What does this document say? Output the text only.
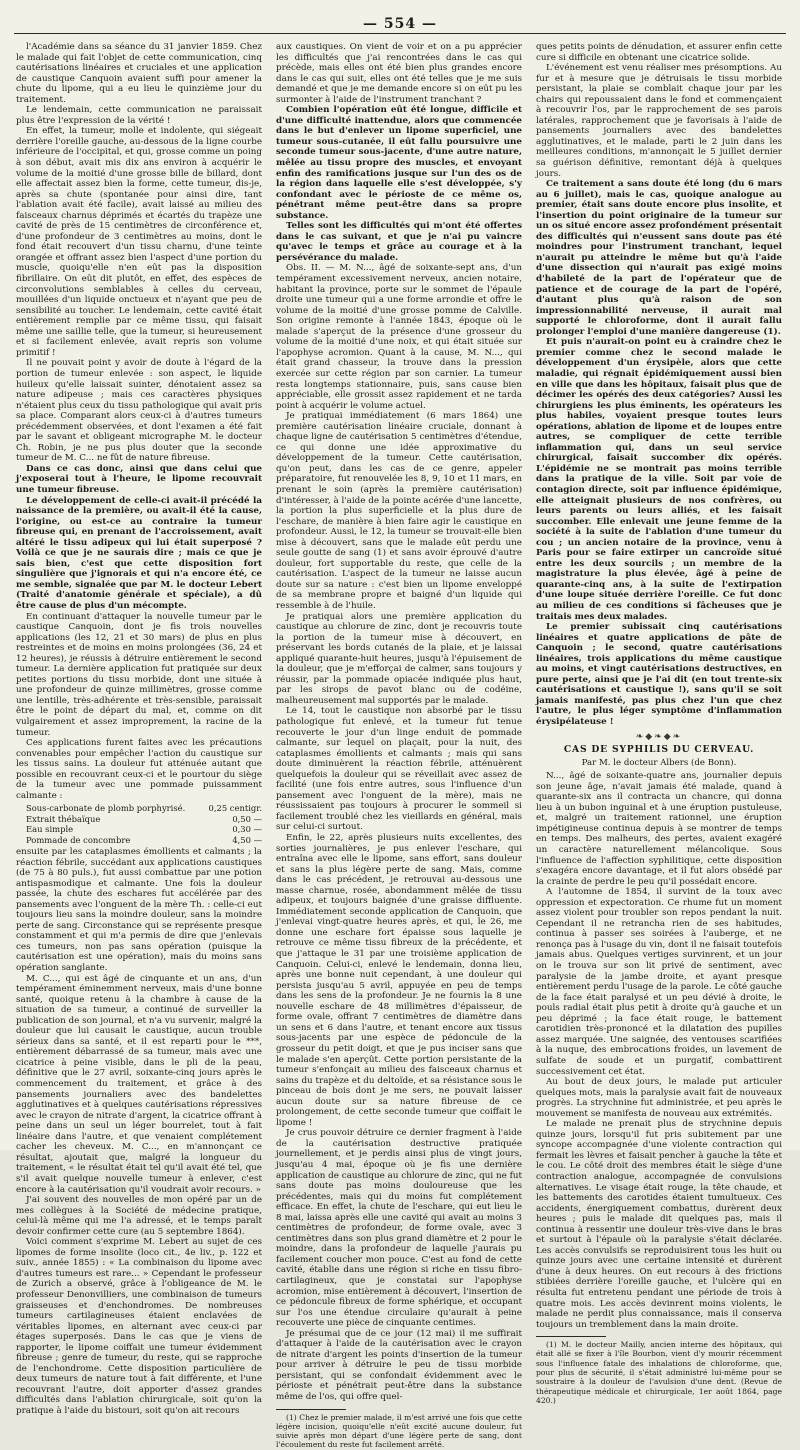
— 554 —

l'Académie dans sa séance du 31 janvier 1859. Chez le malade qui fait l'objet de cette communication, cinq cautérisations linéaires et cruciales et une application de caustique Canquoin avaient suffi pour amener la chute du lipome, qui a eu lieu le quinzième jour du traitement.

Le lendemain, cette communication ne paraissait plus être l'expression de la vérité !

En effet, la tumeur, molle et indolente, qui siégeait derrière l'oreille gauche, au-dessous de la ligne courbe inférieure de l'occipital, et qui, grosse comme un poing à son début, avait mis dix ans environ à acquérir le volume de la moitié d'une grosse bille de billard, dont elle affectait assez bien la forme, cette tumeur, dis-je, après sa chute (spontanée pour ainsi dire, tant l'ablation avait été facile), avait laissé au milieu des faisceaux charnus déprimés et écartés du trapèze une cavité de près de 15 centimètres de circonférence et, d'une profondeur de 3 centimètres au moins, dont le fond était recouvert d'un tissu charnu, d'une teinte orangée et offrant assez bien l'aspect d'une portion du muscle, quoiqu'elle n'en eût pas la disposition fibrillaire. On eût dit plutôt, en effet, des espèces de circonvolutions semblables à celles du cerveau, mouillées d'un liquide onctueux et n'ayant que peu de sensibilité au toucher. Le lendemain, cette cavité était entièrement remplie par ce même tissu, qui faisait même une saillie telle, que la tumeur, si heureusement et si facilement enlevée, avait repris son volume primitif !

Il ne pouvait point y avoir de doute à l'égard de la portion de tumeur enlevée : son aspect, le liquide huileux qu'elle laissait suinter, dénotaient assez sa nature adipeuse ; mais ces caractères physiques n'étaient plus ceux du tissu pathologique qui avait pris sa place. Comparant alors ceux-ci à d'autres tumeurs précédemment observées, et dont l'examen a été fait par le savant et obligeant micrographe M. le docteur Ch. Robin, je ne pus plus douter que la seconde tumeur de M. C... ne fût de nature fibreuse.

Dans ce cas donc, ainsi que dans celui que j'exposerai tout à l'heure, le lipome recouvrait une tumeur fibreuse.

Le développement de celle-ci avait-il précédé la naissance de la première, ou avait-il été la cause, l'origine, ou est-ce au contraire la tumeur fibreuse qui, en prenant de l'accroissement, avait altéré le tissu adipeux qui lui était superposé ? Voilà ce que je ne saurais dire ; mais ce que je sais bien, c'est que cette disposition fort singulière que j'ignorais et qui n'a encore été, ce me semble, signalée que par M. le docteur Lebert (Traité d'anatomie générale et spéciale), a dû être cause de plus d'un mécompte.

En continuant d'attaquer la nouvelle tumeur par le caustique Canquoin, dont je fis trois nouvelles applications (les 12, 21 et 30 mars) de plus en plus restreintes et de moins en moins prolongées (36, 24 et 12 heures), je réussis à détruire entièrement le second tumeur. La dernière application fut pratiquée sur deux petites portions du tissu morbide, dont une située à une profondeur de quinze millimètres, grosse comme une lentille, très-adhérente et très-sensible, paraissait être le point de départ du mal, et, comme on dit vulgairement et assez improprement, la racine de la tumeur.

Ces applications furent faites avec les précautions convenables pour empêcher l'action du caustique sur les tissus sains. La douleur fut atténuée autant que possible en recouvrant ceux-ci et le pourtour du siège de la tumeur avec une pommade puissamment calmante :

Sous-carbonate de plomb porphyrisé.	0,25 centigr.
Extrait thébaïque	0,50 —
Eau simple	0,30 —
Pommade de concombre	4,50 —

ensuite par les cataplasmes émollients et calmants ; la réaction fébrile, succédant aux applications caustiques (de 75 à 80 puls.), fut aussi combattue par une potion antispasmodique et calmante. Une fois la douleur passée, la chute des eschares fut accélérée par des pansements avec l'onguent de la mère Th. : celle-ci eut toujours lieu sans la moindre douleur, sans la moindre perte de sang. Circonstance qui se représente presque constamment et qui m'a permis de dire que j'enlevais ces tumeurs, non pas sans opération (puisque la cautérisation est une opération), mais du moins sans opération sanglante.

M. C..., qui est âgé de cinquante et un ans, d'un tempérament éminemment nerveux, mais d'une bonne santé, quoique retenu à la chambre à cause de la situation de sa tumeur, a continué de surveiller la publication de son journal, et n'a vu survenir, malgré la douleur que lui causait le caustique, aucun trouble sérieux dans sa santé, et il est reparti pour le ***, entièrement débarrassé de sa tumeur, mais avec une cicatrice à peine visible, dans le pli de la peau, définitive que le 27 avril, soixante-cinq jours après le commencement du traitement, et grâce à des pansements journaliers avec des bandelettes agglutinatives et à quelques cautérisations répressives avec le crayon de nitrate d'argent, la cicatrice offrant à peine dans un seul un léger bourrelet, tout à fait linéaire dans l'autre, et que venaient complétement cacher les cheveux. M. C..., en m'annonçant ce résultat, ajoutait que, malgré la longueur du traitement, « le résultat était tel qu'il avait été tel, que s'il avait quelque nouvelle tumeur à enlever, c'est encore à la cautérisation qu'il voudrait avoir recours. »

J'ai souvent des nouvelles de mon opéré par un de mes collègues à la Société de médecine pratique, celui-là même qui me l'a adressé, et le temps paraît devoir confirmer cette cure (au 5 septembre 1864).

Voici comment s'exprime M. Lebert au sujet de ces lipomes de forme insolite (loco cit., 4e liv., p. 122 et suiv., année 1855) : « La combinaison du lipome avec d'autres tumeurs est rare... » Cependant le professeur de Zurich a observé, grâce à l'obligeance de M. le professeur Denonvilliers, une combinaison de tumeurs graisseuses et d'enchondromes. De nombreuses tumeurs cartilagineuses étaient enclavées de véritables lipomes, en alternant avec ceux-ci par étages superposés. Dans le cas que je viens de rapporter, le lipome coiffait une tumeur évidemment fibreuse ; genre de tumeur, du reste, qui se rapproche de l'enchondrome. Cette disposition particulière de deux tumeurs de nature tout à fait différente, et l'une recouvrant l'autre, doit apporter d'assez grandes difficultés dans l'ablation chirurgicale, soit qu'on la pratique à l'aide du bistouri, soit qu'on ait recours

aux caustiques. On vient de voir et on a pu apprécier les difficultés que j'ai rencontrées dans le cas qui précède, mais elles ont été bien plus grandes encore dans le cas qui suit, elles ont été telles que je me suis demandé et que je me demande encore si on eût pu les surmonter à l'aide de l'instrument tranchant ?

Combien l'opération eût été longue, difficile et d'une difficulté inattendue, alors que commencée dans le but d'enlever un lipome superficiel, une tumeur sous-cutanée, il eût fallu poursuivre une seconde tumeur sous-jacente, d'une autre nature, mêlée au tissu propre des muscles, et envoyant enfin des ramifications jusque sur l'un des os de la région dans laquelle elle s'est développée, s'y confondant avec le périoste de ce même os, pénétrant même peut-être dans sa propre substance.

Telles sont les difficultés qui m'ont été offertes dans le cas suivant, et que je n'ai pu vaincre qu'avec le temps et grâce au courage et à la persévérance du malade.

Obs. II. — M. N..., âgé de soixante-sept ans, d'un tempérament excessivement nerveux, ancien notaire, habitant la province, porte sur le sommet de l'épaule droite une tumeur qui a une forme arrondie et offre le volume de la moitié d'une grosse pomme de Calville. Son origine remonte à l'année 1843, époque où le malade s'aperçut de la présence d'une grosseur du volume de la moitié d'une noix, et qui était située sur l'apophyse acromion. Quant à la cause, M. N..., qui était grand chasseur, la trouve dans la pression exercée sur cette région par son carnier. La tumeur resta longtemps stationnaire, puis, sans cause bien appréciable, elle grossit assez rapidement et ne tarda point à acquérir le volume actuel.

Je pratiquai immédiatement (6 mars 1864) une première cautérisation linéaire cruciale, donnant à chaque ligne de cautérisation 5 centimètres d'étendue, ce qui donne une idée approximative du développement de la tumeur. Cette cautérisation, qu'on peut, dans les cas de ce genre, appeler préparatoire, fut renouvelée les 8, 9, 10 et 11 mars, en prenant le soin (après la première cautérisation) d'intéresser, à l'aide de la pointe acérée d'une lancette, la portion la plus superficielle et la plus dure de l'eschare, de manière à bien faire agir le caustique en profondeur. Aussi, le 12, la tumeur se trouvait-elle bien mise à découvert, sans que le malade eût perdu une seule goutte de sang (1) et sans avoir éprouvé d'autre douleur, fort supportable du reste, que celle de la cautérisation. L'aspect de la tumeur ne laisse aucun doute sur sa nature : c'est bien un lipome enveloppé de sa membrane propre et baigné d'un liquide qui ressemble à de l'huile.

Je pratiquai alors une première application du caustique au chlorure de zinc, dont je recouvris toute la portion de la tumeur mise à découvert, en préservant les bords cutanés de la plaie, et je laissai appliqué quarante-huit heures, jusqu'à l'épuisement de la douleur, que je m'efforçai de calmer, sans toujours y réussir, par la pommade opiacée indiquée plus haut, par les sirops de pavot blanc ou de codéine, malheureusement mal supportés par le malade.

Le 14, tout le caustique non absorbé par le tissu pathologique fut enlevé, et la tumeur fut tenue recouverte le jour d'un linge enduit de pommade calmante, sur lequel on plaçait, pour la nuit, des cataplasmes émollients et calmants ; mais qui sans doute diminuèrent la réaction fébrile, atténuèrent quelquefois la douleur qui se réveillait avec assez de facilité (une fois entre autres, sous l'influence d'un pansement avec l'onguent de la mère), mais ne réussissaient pas toujours à procurer le sommeil si facilement troublé chez les vieillards en général, mais sur celui-ci surtout.

Enfin, le 22, après plusieurs nuits excellentes, des sorties journalières, je pus enlever l'eschare, qui entraîna avec elle le lipome, sans effort, sans douleur et sans la plus légère perte de sang. Mais, comme dans le cas précédent, je retrouvai au-dessous une masse charnue, rosée, abondamment mêlée de tissu adipeux, et toujours baignée d'une graisse diffluente. Immédiatement seconde application de Canquoin, que j'enlevai vingt-quatre heures après, et qui, le 26, me donne une eschare fort épaisse sous laquelle je retrouve ce même tissu fibreux de la précédente, et que j'attaque le 31 par une troisième application de Canquoin. Celui-ci, enlevé le lendemain, donna lieu, après une bonne nuit cependant, à une douleur qui persista jusqu'au 5 avril, appuyée en peu de temps dans les sens de la profondeur. Je ne fournis la 8 une nouvelle eschare de 48 millimètres d'épaisseur, de forme ovale, offrant 7 centimètres de diamètre dans un sens et 6 dans l'autre, et tenant encore aux tissus sous-jacents par une espèce de pédoncule de la grosseur du petit doigt, et que je pus inciser sans que le malade s'en aperçût. Cette portion persistante de la tumeur s'enfonçait au milieu des faisceaux charnus et sains du trapèze et du deltoïde, et sa résistance sous le pinceau de bois dont je me sers, ne pouvait laisser aucun doute sur sa nature fibreuse de ce prolongement, de cette seconde tumeur que coiffait le lipome !

Je crus pouvoir détruire ce dernier fragment à l'aide de la cautérisation destructive pratiquée journellement, et je perdis ainsi plus de vingt jours, jusqu'au 4 mai, époque où je fis une dernière application de caustique au chlorure de zinc, qui ne fut sans doute pas moins douloureuse que les précédentes, mais qui du moins fut complétement efficace. En effet, la chute de l'eschare, qui eut lieu le 8 mai, laissa après elle une cavité qui avait au moins 3 centimètres de profondeur, de forme ovale, avec 3 centimètres dans son plus grand diamètre et 2 pour le moindre, dans la profondeur de laquelle j'aurais pu facilement coucher mon pouce. C'est au fond de cette cavité, établie dans une région si riche en tissu fibro-cartilagineux, que je constatai sur l'apophyse acromion, mise entièrement à découvert, l'insertion de ce pédoncule fibreux de forme sphérique, et occupant sur l'os une étendue circulaire qu'aurait à peine recouverte une pièce de cinquante centimes.

Je présumai que de ce jour (12 mai) il me suffirait d'attaquer à l'aide de la cautérisation avec le crayon de nitrate d'argent les points d'insertion de la tumeur pour arriver à détruire le peu de tissu morbide persistant, qui se confondait évidemment avec le périoste et pénétrait peut-être dans la substance même de l'os, qui offre quel-

(1) Chez le premier malade, il m'est arrivé une fois que cette légère incision, quoiqu'elle n'eût excité aucune douleur, fut suivie après mon départ d'une légère perte de sang, dont l'écoulement du reste fut facilement arrêté.

ques petits points de dénudation, et assurer enfin cette cure si difficile en obtenant une cicatrice solide.

L'événement est venu réaliser mes présomptions. Au fur et à mesure que je détruisais le tissu morbide persistant, la plaie se comblait chaque jour par les chairs qui repoussaient dans le fond et commençaient à recouvrir l'os, par le rapprochement de ses parois latérales, rapprochement que je favorisais à l'aide de pansements journaliers avec des bandelettes agglutinatives, et le malade, parti le 2 juin dans les meilleures conditions, m'annonçait le 5 juillet dernier sa guérison définitive, remontant déjà à quelques jours.

Ce traitement a sans doute été long (du 6 mars au 6 juillet), mais le cas, quoique analogue au premier, était sans doute encore plus insolite, et l'insertion du point originaire de la tumeur sur un os situé encore assez profondément présentait des difficultés qui n'eussent sans doute pas été moindres pour l'instrument tranchant, lequel n'aurait pu atteindre le même but qu'à l'aide d'une dissection qui n'aurait pas exigé moins d'habileté de la part de l'opérateur que de patience et de courage de la part de l'opéré, d'autant plus qu'à raison de son impressionnabilité nerveuse, il aurait mal supporté le chloroforme, dont il aurait fallu prolonger l'emploi d'une manière dangereuse (1).

Et puis n'aurait-on point eu à craindre chez le premier comme chez le second malade le développement d'un érysipèle, alors que cette maladie, qui régnait épidémiquement aussi bien en ville que dans les hôpitaux, faisait plus que de décimer les opérés des deux catégories? Aussi les chirurgiens les plus éminents, les opérateurs les plus habiles, voyaient presque toutes leurs opérations, ablation de lipome et de loupes entre autres, se compliquer de cette terrible inflammation qui, dans un seul service chirurgical, faisait succomber dix opérés. L'épidémie ne se montrait pas moins terrible dans la pratique de la ville. Soit par voie de contagion directe, soit par influence épidémique, elle atteignait plusieurs de nos confrères, ou leurs parents ou leurs alliés, et les faisait succomber. Elle enlevait une jeune femme de la société à la suite de l'ablation d'une tumeur du cou ; un ancien notaire de la province, venu à Paris pour se faire extirper un cancroïde situé entre les deux sourcils ; un membre de la magistrature la plus élevée, âgé à peine de quarante-cinq ans, à la suite de l'extirpation d'une loupe située derrière l'oreille. Ce fut donc au milieu de ces conditions si fâcheuses que je traitais mes deux malades.

Le premier subissait cinq cautérisations linéaires et quatre applications de pâte de Canquoin ; le second, quatre cautérisations linéaires, trois applications du même caustique au moins, et vingt cautérisations destructives, en pure perte, ainsi que je l'ai dit (en tout trente-six cautérisations et caustique !), sans qu'il se soit jamais manifesté, pas plus chez l'un que chez l'autre, le plus léger symptôme d'inflammation érysipélateuse !

❧◆❧◆❧
CAS DE SYPHILIS DU CERVEAU.
Par M. le docteur Albers (de Bonn).

N..., âgé de soixante-quatre ans, journalier depuis son jeune âge, n'avait jamais été malade, quand à quarante-six ans il contracta un chancre, qui donna lieu à un bubon inguinal et à une éruption pustuleuse, et, malgré un traitement rationnel, une éruption impétigineuse continua depuis à se montrer de temps en temps. Des malheurs, des pertes, avaient exagéré un caractère naturellement mélancolique. Sous l'influence de l'affection syphilitique, cette disposition s'exagéra encore davantage, et il fut alors obsédé par la crainte de perdre le peu qu'il possédait encore.

A l'automne de 1854, il survint de la toux avec oppression et expectoration. Ce rhume fut un moment assez violent pour troubler son repos pendant la nuit. Cependant il ne retrancha rien de ses habitudes, continua à passer ses soirées à l'auberge, et ne renonça pas à l'usage du vin, dont il ne faisait toutefois jamais abus. Quelques vertiges survinrent, et un jour on le trouva sur son lit privé de sentiment, avec paralysie de la jambe droite, et ayant presque entièrement perdu l'usage de la parole. Le côté gauche de la face était paralysé et un peu dévié à droite, le pouls radial était plus petit à droite qu'à gauche et un peu déprimé ; la face était rouge, le battement carotidien très-prononcé et la dilatation des pupilles assez marquée. Une saignée, des ventouses scarifiées à la nuque, des embrocations froides, un lavement de sulfate de soude et un purgatif, combattirent successivement cet état.

Au bout de deux jours, le malade put articuler quelques mots, mais la paralysie avait fait de nouveaux progrès. La strychnine fut administrée, et peu après le mouvement se manifesta de nouveau aux extrémités.

Le malade ne prenait plus de strychnine depuis quinze jours, lorsqu'il fut pris subitement par une syncope accompagnée d'une violente contraction qui fermait les lèvres et faisait pencher à gauche la tête et le cou. Le côté droit des membres était le siège d'une contraction analogue, accompagnée de convulsions alternatives. Le visage était rouge, la tête chaude, et les battements des carotides étaient tumultueux. Ces accidents, énergiquement combattus, durèrent deux heures ; puis le malade dit quelques pas, mais il continua à ressentir une douleur très-vive dans le bras et surtout à l'épaule où la paralysie s'était déclarée. Les accès convulsifs se reproduisirent tous les huit ou quinze jours avec une certaine intensité et durèrent d'une à deux heures. On eut recours à des frictions stibiées derrière l'oreille gauche, et l'ulcère qui en résulta fut entretenu pendant une période de trois à quatre mois. Les accès devinrent moins violents, le malade ne perdit plus connaissance, mais il conserva toujours un tremblement dans la main droite.

(1) M. le docteur Mailly, ancien interne des hôpitaux, qui était allé se fixer à l'île Bourbon, vient d'y mourir récemment sous l'influence fatale des inhalations de chloroforme, que, pour plus de sécurité, il s'était administré lui-même pour se soustraire à la douleur de l'avulsion d'une dent. (Revue de thérapeutique médicale et chirurgicale, 1er août 1864, page 420.)
